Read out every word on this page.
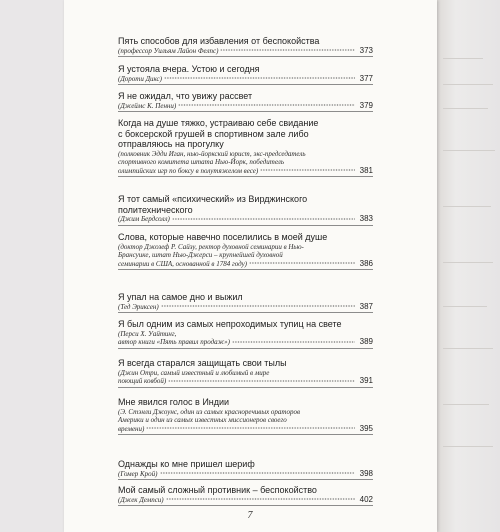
Пять способов для избавления от беспокойства
(профессор Уильям Лайон Фелпс)	373
Я устояла вчера. Устою и сегодня
(Дороти Дикс)	377
Я не ожидал, что увижу рассвет
(Джеймс К. Пенни)	379
Когда на душе тяжко, устраиваю себе свидание
с боксерской грушей в спортивном зале либо
отправляюсь на прогулку
(полковник Эдди Иган, нью-йоркский юрист, экс-председатель
спортивного комитета штата Нью-Йорк, победитель
олимпийских игр по боксу в полутяжелом весе)	381
Я тот самый «психический» из Вирджинского
политехнического
(Джим Бердсолл)	383
Слова, которые навечно поселились в моей душе
(доктор Джозеф Р. Сайзу, ректор духовной семинарии в Нью-
Брансуике, штат Нью-Джерси – крупнейшей духовной
семинарии в США, основанной в 1784 году)	386
Я упал на самое дно и выжил
(Тед Эриксен)	387
Я был одним из самых непроходимых тупиц на свете
(Перси Х. Уайтинг,
автор книги «Пять правил продаж»)	389
Я всегда старался защищать свои тылы
(Джин Отри, самый известный и любимый в мире
поющий ковбой)	391
Мне явился голос в Индии
(Э. Стэнли Джоунс, один из самых красноречивых ораторов
Америки и один из самых известных миссионеров своего
времени)	395
Однажды ко мне пришел шериф
(Гомер Крой)	398
Мой самый сложный противник – беспокойство
(Джек Демпси)	402
7
